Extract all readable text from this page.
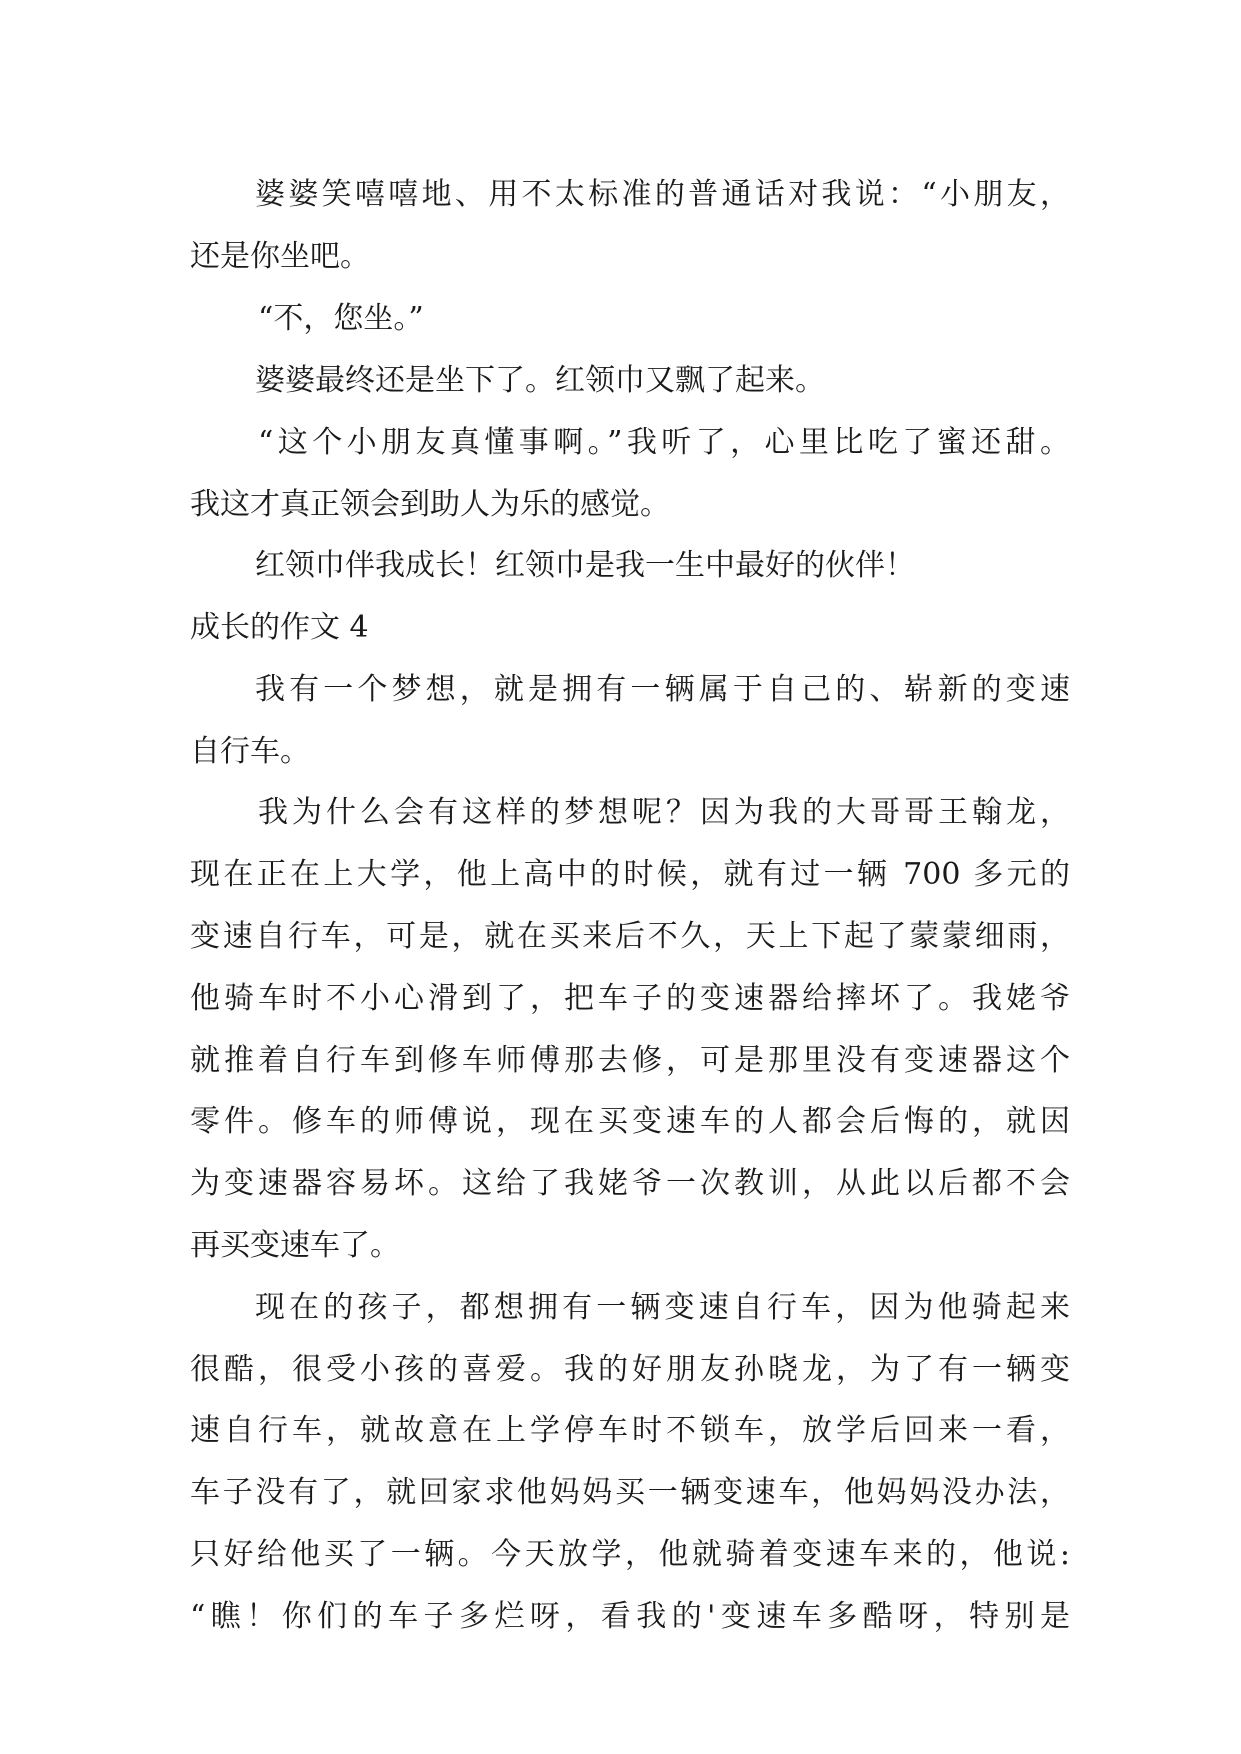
婆婆笑嘻嘻地、用不太标准的普通话对我说：“小朋友，
还是你坐吧。
“不，您坐。”
婆婆最终还是坐下了。红领巾又飘了起来。
“这个小朋友真懂事啊。”我听了，心里比吃了蜜还甜。
我这才真正领会到助人为乐的感觉。
红领巾伴我成长！红领巾是我一生中最好的伙伴！
成长的作文 4
我有一个梦想，就是拥有一辆属于自己的、崭新的变速
自行车。
我为什么会有这样的梦想呢？因为我的大哥哥王翰龙，
现在正在上大学，他上高中的时候，就有过一辆 700 多元的
变速自行车，可是，就在买来后不久，天上下起了蒙蒙细雨，
他骑车时不小心滑到了，把车子的变速器给摔坏了。我姥爷
就推着自行车到修车师傅那去修，可是那里没有变速器这个
零件。修车的师傅说，现在买变速车的人都会后悔的，就因
为变速器容易坏。这给了我姥爷一次教训，从此以后都不会
再买变速车了。
现在的孩子，都想拥有一辆变速自行车，因为他骑起来
很酷，很受小孩的喜爱。我的好朋友孙晓龙，为了有一辆变
速自行车，就故意在上学停车时不锁车，放学后回来一看，
车子没有了，就回家求他妈妈买一辆变速车，他妈妈没办法，
只好给他买了一辆。今天放学，他就骑着变速车来的，他说:
“瞧！你们的车子多烂呀，看我的'变速车多酷呀，特别是
